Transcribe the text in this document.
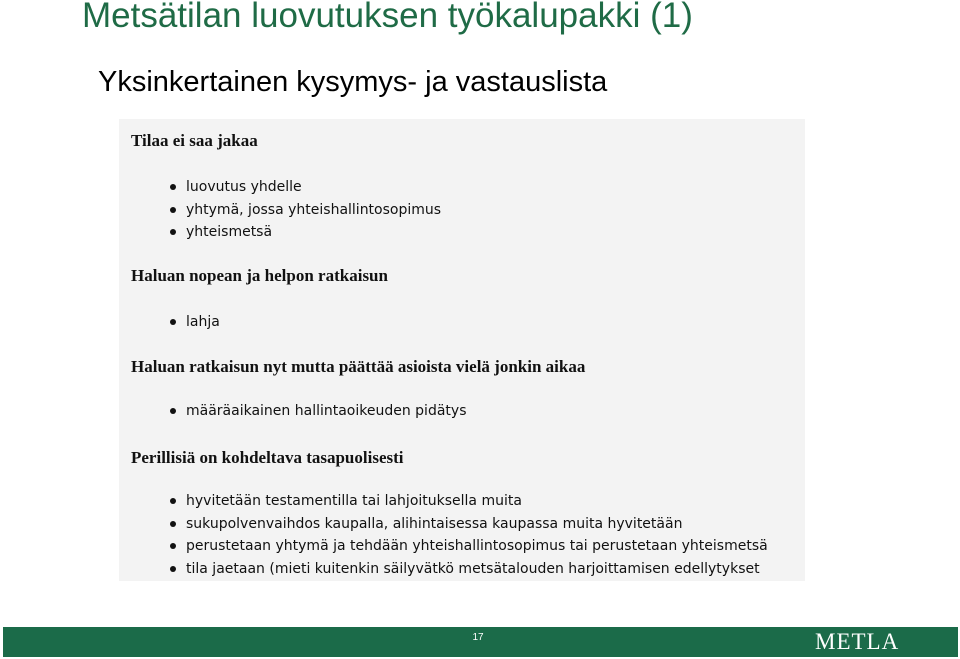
Metsätilan luovutuksen työkalupakki (1)
Yksinkertainen kysymys- ja vastauslista
Tilaa ei saa jakaa
luovutus yhdelle
yhtymä, jossa yhteishallintosopimus
yhteismetsä
Haluan nopean ja helpon ratkaisun
lahja
Haluan ratkaisun nyt mutta päättää asioista vielä jonkin aikaa
määräaikainen hallintaoikeuden pidätys
Perillisiä on kohdeltava tasapuolisesti
hyvitetään testamentilla tai lahjoituksella muita
sukupolvenvaihdos kaupalla, alihintaisessa kaupassa muita hyvitetään
perustetaan yhtymä ja tehdään yhteishallintosopimus tai perustetaan yhteismetsä
tila jaetaan (mieti kuitenkin säilyvätkö metsätalouden harjoittamisen edellytykset
17	METLA
